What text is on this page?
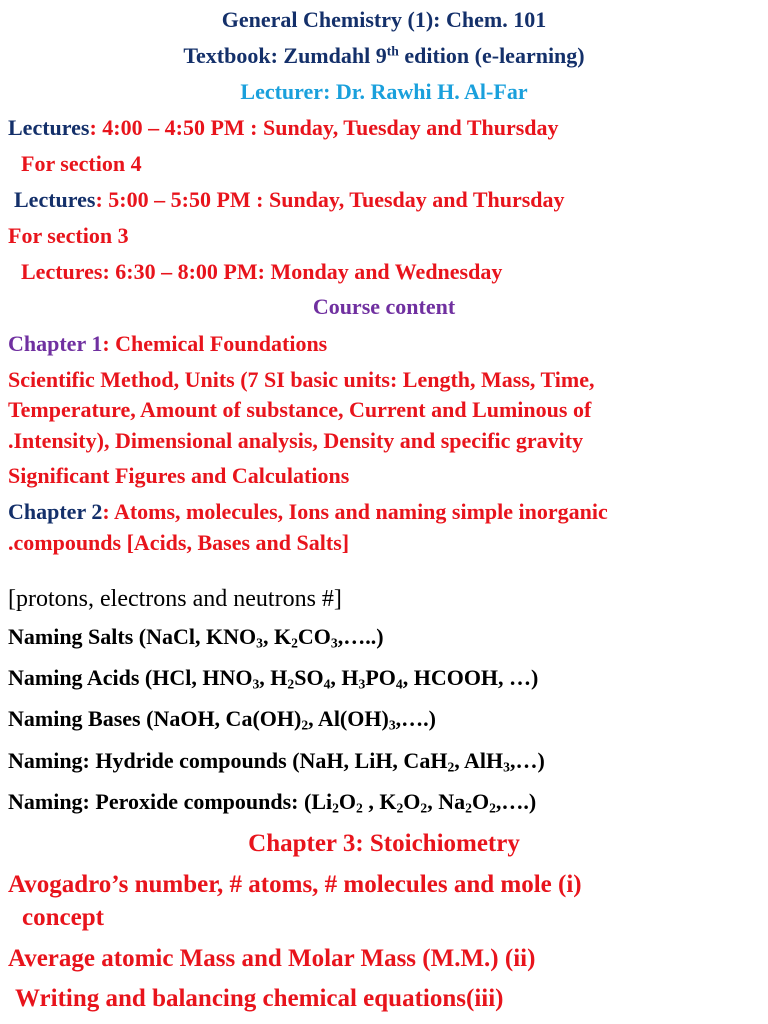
General Chemistry (1): Chem. 101
Textbook: Zumdahl 9th edition (e-learning)
Lecturer: Dr. Rawhi H. Al-Far
Lectures: 4:00 – 4:50 PM : Sunday, Tuesday and Thursday
For section 4
Lectures: 5:00 – 5:50 PM : Sunday, Tuesday and Thursday
For section 3
Lectures: 6:30 – 8:00 PM: Monday and Wednesday
Course content
Chapter 1: Chemical Foundations
Scientific Method, Units (7 SI basic units: Length, Mass, Time,
Temperature, Amount of substance, Current and Luminous of
.Intensity), Dimensional analysis, Density and specific gravity
Significant Figures and Calculations
Chapter 2: Atoms, molecules, Ions and naming simple inorganic
.compounds [Acids, Bases and Salts]
[protons, electrons and neutrons #]
Naming Salts (NaCl, $KNO_3$, $K_2CO_3,\dots$..)
Naming Acids (HCl, $HNO_3$, $H_2SO_4$, $H_3PO_4$, HCOOH, …)
Naming Bases (NaOH, $Ca(OH)_2$, $Al(OH)_3,\dots$.)
Naming: Hydride compounds (NaH, LiH, CaH$_2$, AlH$_3$,…)
Naming: Peroxide compounds: ($Li_2O_2$ , $K_2O_2$, $Na_2O_2,\dots$.)
Chapter 3: Stoichiometry
Avogadro’s number, # atoms, # molecules and mole (i)
concept
Average atomic Mass and Molar Mass (M.M.) (ii)
Writing and balancing chemical equations(iii)
